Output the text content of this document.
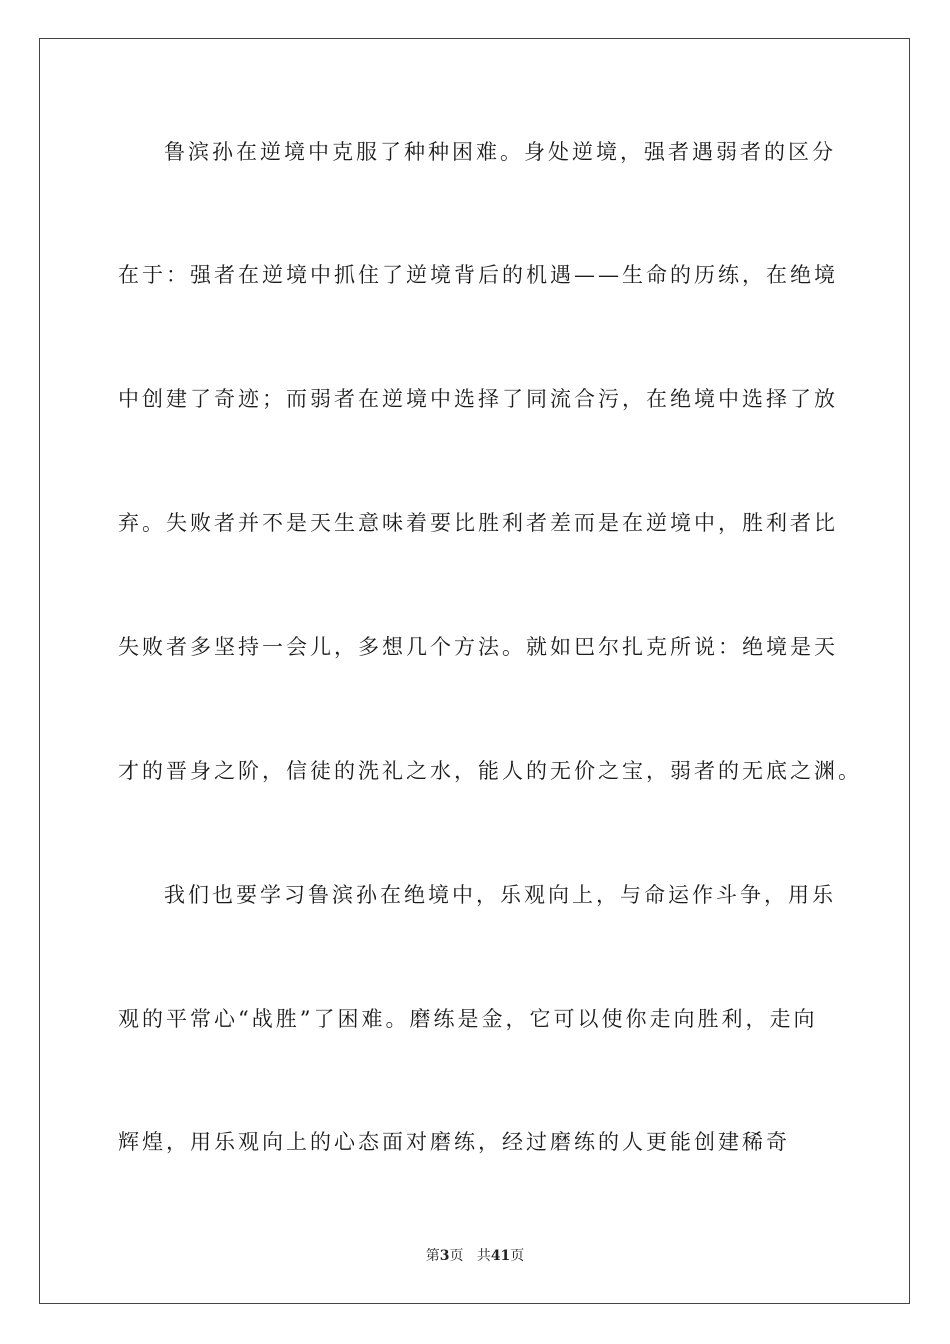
鲁滨孙在逆境中克服了种种困难。身处逆境，强者遇弱者的区分
在于：强者在逆境中抓住了逆境背后的机遇——生命的历练，在绝境
中创建了奇迹；而弱者在逆境中选择了同流合污，在绝境中选择了放
弃。失败者并不是天生意味着要比胜利者差而是在逆境中，胜利者比
失败者多坚持一会儿，多想几个方法。就如巴尔扎克所说：绝境是天
才的晋身之阶，信徒的洗礼之水，能人的无价之宝，弱者的无底之渊。
我们也要学习鲁滨孙在绝境中，乐观向上，与命运作斗争，用乐
观的平常心“战胜”了困难。磨练是金，它可以使你走向胜利，走向
辉煌，用乐观向上的心态面对磨练，经过磨练的人更能创建稀奇
第3页 共41页
